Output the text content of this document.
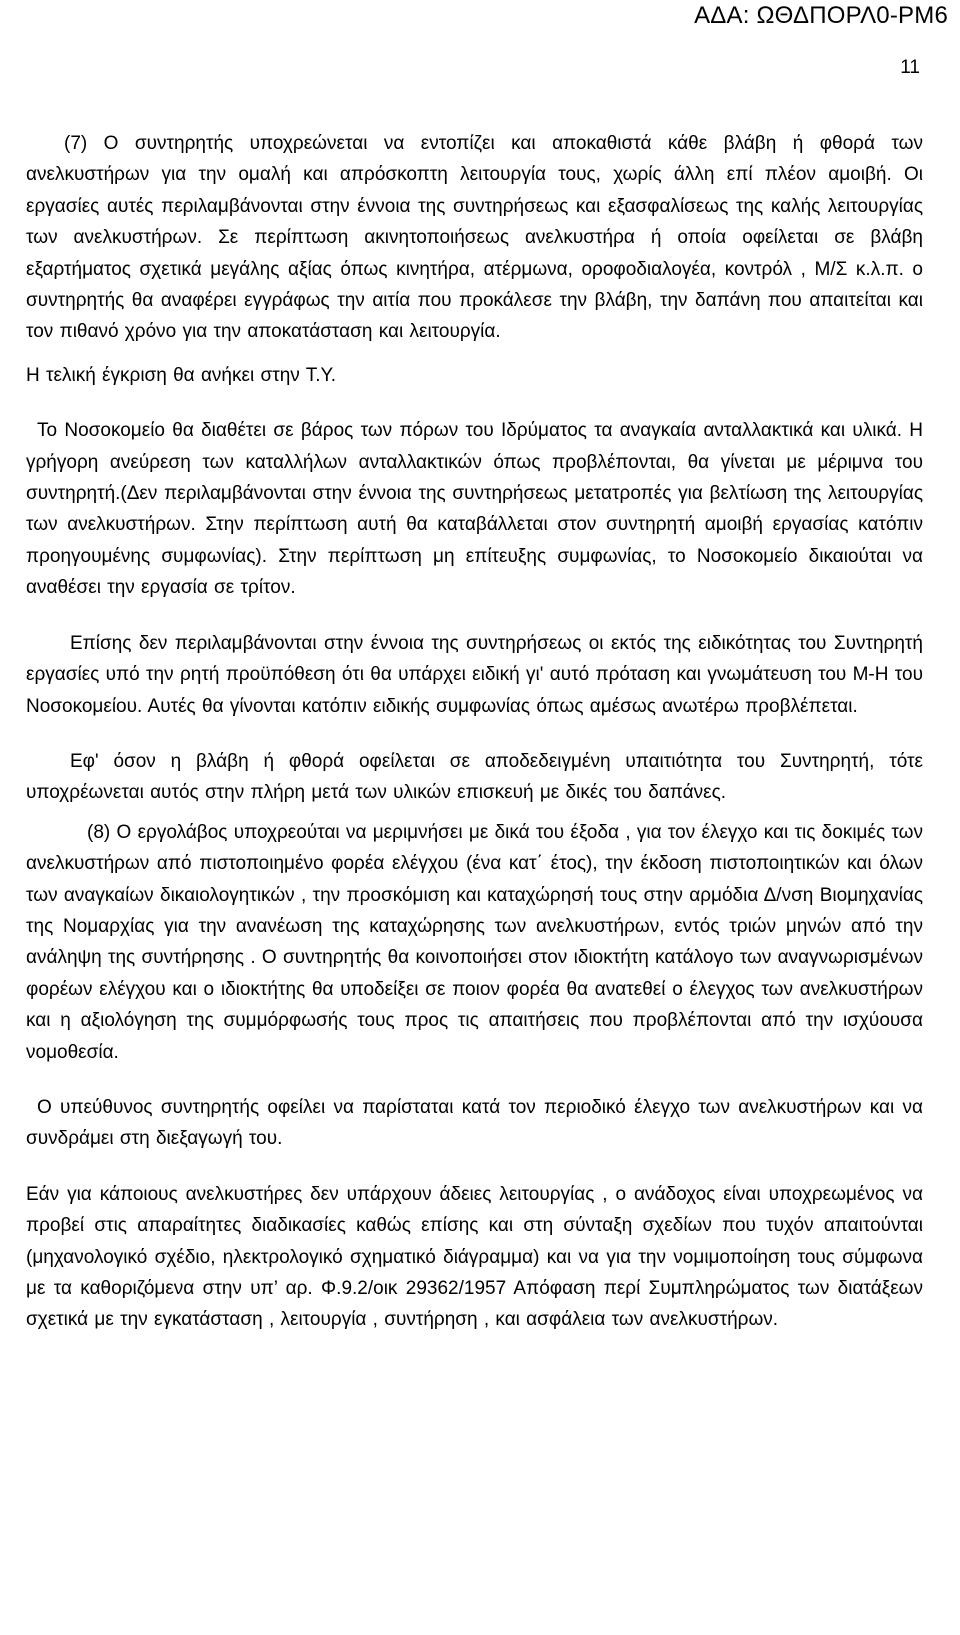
ΑΔΑ: ΩΘΔΠΟΡΛ0-ΡΜ6
11

(7) Ο συντηρητής υποχρεώνεται να εντοπίζει και αποκαθιστά κάθε βλάβη ή φθορά των ανελκυστήρων για την ομαλή και απρόσκοπτη λειτουργία τους, χωρίς άλλη επί πλέον αμοιβή. Οι εργασίες αυτές περιλαμβάνονται στην έννοια της συντηρήσεως και εξασφαλίσεως της καλής λειτουργίας των ανελκυστήρων. Σε περίπτωση ακινητοποιήσεως ανελκυστήρα ή οποία οφείλεται σε βλάβη εξαρτήματος σχετικά μεγάλης αξίας όπως κινητήρα, ατέρμωνα, οροφοδιαλογέα, κοντρόλ , Μ/Σ κ.λ.π. ο συντηρητής θα αναφέρει εγγράφως την αιτία που προκάλεσε την βλάβη, την δαπάνη που απαιτείται και τον πιθανό χρόνο για την αποκατάσταση και λειτουργία.

Η τελική έγκριση θα ανήκει στην Τ.Υ.

Το Νοσοκομείο θα διαθέτει σε βάρος των πόρων του Ιδρύματος τα αναγκαία ανταλλακτικά και υλικά. Η γρήγορη ανεύρεση των καταλλήλων ανταλλακτικών όπως προβλέπονται, θα γίνεται με μέριμνα του συντηρητή.(Δεν περιλαμβάνονται στην έννοια της συντηρήσεως μετατροπές για βελτίωση της λειτουργίας των ανελκυστήρων. Στην περίπτωση αυτή θα καταβάλλεται στον συντηρητή αμοιβή εργασίας κατόπιν προηγουμένης συμφωνίας). Στην περίπτωση μη επίτευξης συμφωνίας, το Νοσοκομείο δικαιούται να αναθέσει την εργασία σε τρίτον.

Επίσης δεν περιλαμβάνονται στην έννοια της συντηρήσεως οι εκτός της ειδικότητας του Συντηρητή εργασίες υπό την ρητή προϋπόθεση ότι θα υπάρχει ειδική γι' αυτό πρόταση και γνωμάτευση του Μ-Η του Νοσοκομείου. Αυτές θα γίνονται κατόπιν ειδικής συμφωνίας όπως αμέσως ανωτέρω προβλέπεται.

Εφ' όσον η βλάβη ή φθορά οφείλεται σε αποδεδειγμένη υπαιτιότητα του Συντηρητή, τότε υποχρέωνεται αυτός στην πλήρη μετά των υλικών επισκευή με δικές του δαπάνες.

(8) Ο εργολάβος υποχρεούται να μεριμνήσει με δικά του έξοδα , για τον έλεγχο και τις δοκιμές των ανελκυστήρων από πιστοποιημένο φορέα ελέγχου (ένα κατ΄ έτος), την έκδοση πιστοποιητικών και όλων των αναγκαίων δικαιολογητικών , την προσκόμιση και καταχώρησή τους στην αρμόδια Δ/νση Βιομηχανίας της Νομαρχίας για την ανανέωση της καταχώρησης των ανελκυστήρων, εντός τριών μηνών από την ανάληψη της συντήρησης . Ο συντηρητής θα κοινοποιήσει στον ιδιοκτήτη κατάλογο των αναγνωρισμένων φορέων ελέγχου και ο ιδιοκτήτης θα υποδείξει σε ποιον φορέα θα ανατεθεί ο έλεγχος των ανελκυστήρων και η αξιολόγηση της συμμόρφωσής τους προς τις απαιτήσεις που προβλέπονται από την ισχύουσα νομοθεσία.

Ο υπεύθυνος συντηρητής οφείλει να παρίσταται κατά τον περιοδικό έλεγχο των ανελκυστήρων και να συνδράμει στη διεξαγωγή του.

Εάν για κάποιους ανελκυστήρες δεν υπάρχουν άδειες λειτουργίας , ο ανάδοχος είναι υποχρεωμένος να προβεί στις απαραίτητες διαδικασίες καθώς επίσης και στη σύνταξη σχεδίων που τυχόν απαιτούνται (μηχανολογικό σχέδιο, ηλεκτρολογικό σχηματικό διάγραμμα) και να για την νομιμοποίηση τους σύμφωνα με τα καθοριζόμενα στην υπ’ αρ. Φ.9.2/οικ 29362/1957 Απόφαση περί Συμπληρώματος των διατάξεων σχετικά με την εγκατάσταση , λειτουργία , συντήρηση , και ασφάλεια των ανελκυστήρων.
